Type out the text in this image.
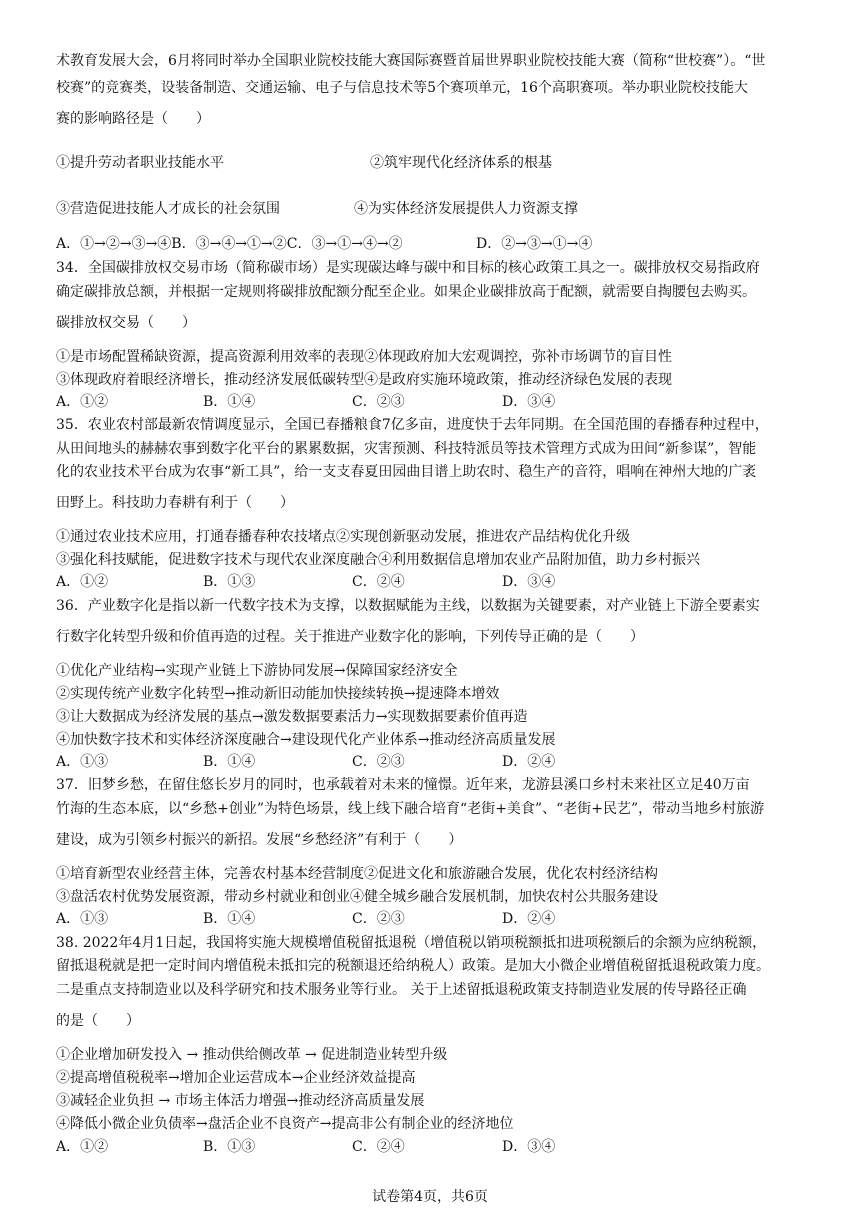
术教育发展大会，6月将同时举办全国职业院校技能大赛国际赛暨首届世界职业院校技能大赛（简称“世校赛”）。“世
校赛”的竞赛类，设装备制造、交通运输、电子与信息技术等5个赛项单元，16个高职赛项。举办职业院校技能大
赛的影响路径是（　　）
①提升劳动者职业技能水平	②筑牢现代化经济体系的根基
③营造促进技能人才成长的社会氛围	④为实体经济发展提供人力资源支撑
A．①→②→③→④B．③→④→①→②C．③→①→④→②	D．②→③→①→④
34．全国碳排放权交易市场（简称碳市场）是实现碳达峰与碳中和目标的核心政策工具之一。碳排放权交易指政府
确定碳排放总额，并根据一定规则将碳排放配额分配至企业。如果企业碳排放高于配额，就需要自掏腰包去购买。
碳排放权交易（　　）
①是市场配置稀缺资源，提高资源利用效率的表现②体现政府加大宏观调控，弥补市场调节的盲目性
③体现政府着眼经济增长，推动经济发展低碳转型④是政府实施环境政策，推动经济绿色发展的表现
A．①②	B．①④	C．②③	D．③④
35．农业农村部最新农情调度显示，全国已春播粮食7亿多亩，进度快于去年同期。在全国范围的春播春种过程中，
从田间地头的赫赫农事到数字化平台的累累数据，灾害预测、科技特派员等技术管理方式成为田间“新参谋”，智能
化的农业技术平台成为农事“新工具”，给一支支春夏田园曲目谱上助农时、稳生产的音符，唱响在神州大地的广袤
田野上。科技助力春耕有利于（　　）
①通过农业技术应用，打通春播春种农技堵点②实现创新驱动发展，推进农产品结构优化升级
③强化科技赋能，促进数字技术与现代农业深度融合④利用数据信息增加农业产品附加值，助力乡村振兴
A．①②	B．①③	C．②④	D．③④
36．产业数字化是指以新一代数字技术为支撑，以数据赋能为主线，以数据为关键要素，对产业链上下游全要素实
行数字化转型升级和价值再造的过程。关于推进产业数字化的影响，下列传导正确的是（　　）
①优化产业结构→实现产业链上下游协同发展→保障国家经济安全
②实现传统产业数字化转型→推动新旧动能加快接续转换→提速降本增效
③让大数据成为经济发展的基点→激发数据要素活力→实现数据要素价值再造
④加快数字技术和实体经济深度融合→建设现代化产业体系→推动经济高质量发展
A．①③	B．①④	C．②③	D．②④
37．旧梦乡愁，在留住悠长岁月的同时，也承载着对未来的憧憬。近年来，龙游县溪口乡村未来社区立足40万亩
竹海的生态本底，以“乡愁+创业”为特色场景，线上线下融合培育“老街+美食”、“老街+民艺”，带动当地乡村旅游
建设，成为引领乡村振兴的新招。发展“乡愁经济”有利于（　　）
①培育新型农业经营主体，完善农村基本经营制度②促进文化和旅游融合发展，优化农村经济结构
③盘活农村优势发展资源，带动乡村就业和创业④健全城乡融合发展机制，加快农村公共服务建设
A．①③	B．①④	C．②③	D．②④
38. 2022年4月1日起，我国将实施大规模增值税留抵退税（增值税以销项税额抵扣进项税额后的余额为应纳税额，
留抵退税就是把一定时间内增值税未抵扣完的税额退还给纳税人）政策。是加大小微企业增值税留抵退税政策力度。
二是重点支持制造业以及科学研究和技术服务业等行业。 关于上述留抵退税政策支持制造业发展的传导路径正确
的是（　　）
①企业增加研发投入 → 推动供给侧改革 → 促进制造业转型升级
②提高增值税税率→增加企业运营成本→企业经济效益提高
③减轻企业负担 → 市场主体活力增强→推动经济高质量发展
④降低小微企业负债率→盘活企业不良资产→提高非公有制企业的经济地位
A．①②	B．①③	C．②④	D．③④
试卷第4页，共6页
